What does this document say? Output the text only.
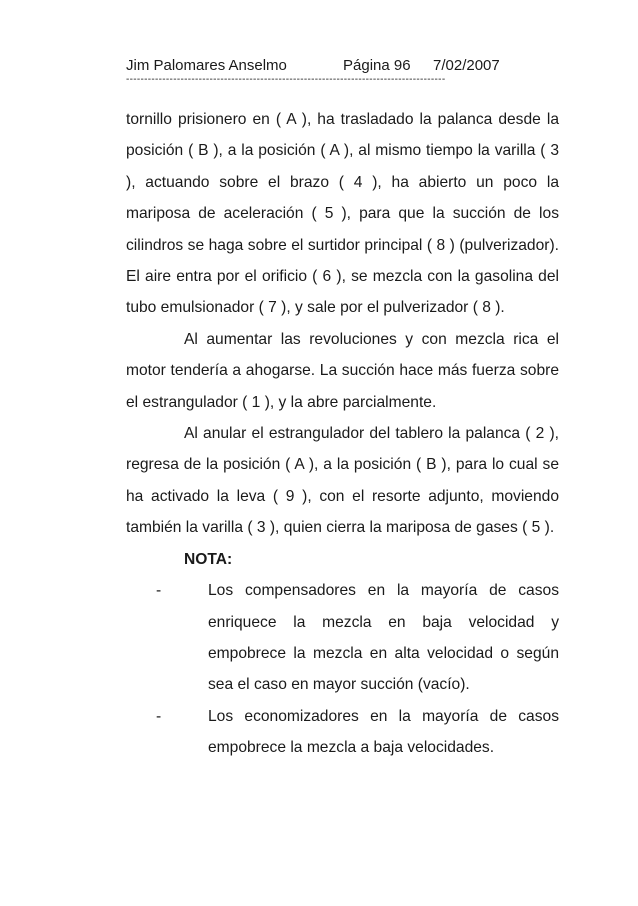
Jim Palomares Anselmo	Página 96 7/02/2007
----------------------------------------------------------------------------------------

tornillo prisionero en ( A ), ha trasladado la palanca desde la posición ( B ), a la posición ( A ), al mismo tiempo la varilla ( 3 ), actuando sobre el brazo ( 4 ), ha abierto un poco la mariposa de aceleración ( 5 ), para que la succión de los cilindros se haga sobre el surtidor principal ( 8 ) (pulverizador). El aire entra por el orificio ( 6 ), se mezcla con la gasolina del tubo emulsionador ( 7 ), y sale por el pulverizador ( 8 ).

Al aumentar las revoluciones y con mezcla rica el motor tendería a ahogarse. La succión hace más fuerza sobre el estrangulador ( 1 ), y la abre parcialmente.

Al anular el estrangulador del tablero la palanca ( 2 ), regresa de la posición ( A ), a la posición ( B ), para lo cual se ha activado la leva ( 9 ), con el resorte adjunto, moviendo también la varilla ( 3 ), quien cierra la mariposa de gases ( 5 ).

NOTA:
-	Los compensadores en la mayoría de casos enriquece la mezcla en baja velocidad y empobrece la mezcla en alta velocidad o según sea el caso en mayor succión (vacío).
-	Los economizadores en la mayoría de casos empobrece la mezcla a baja velocidades.
